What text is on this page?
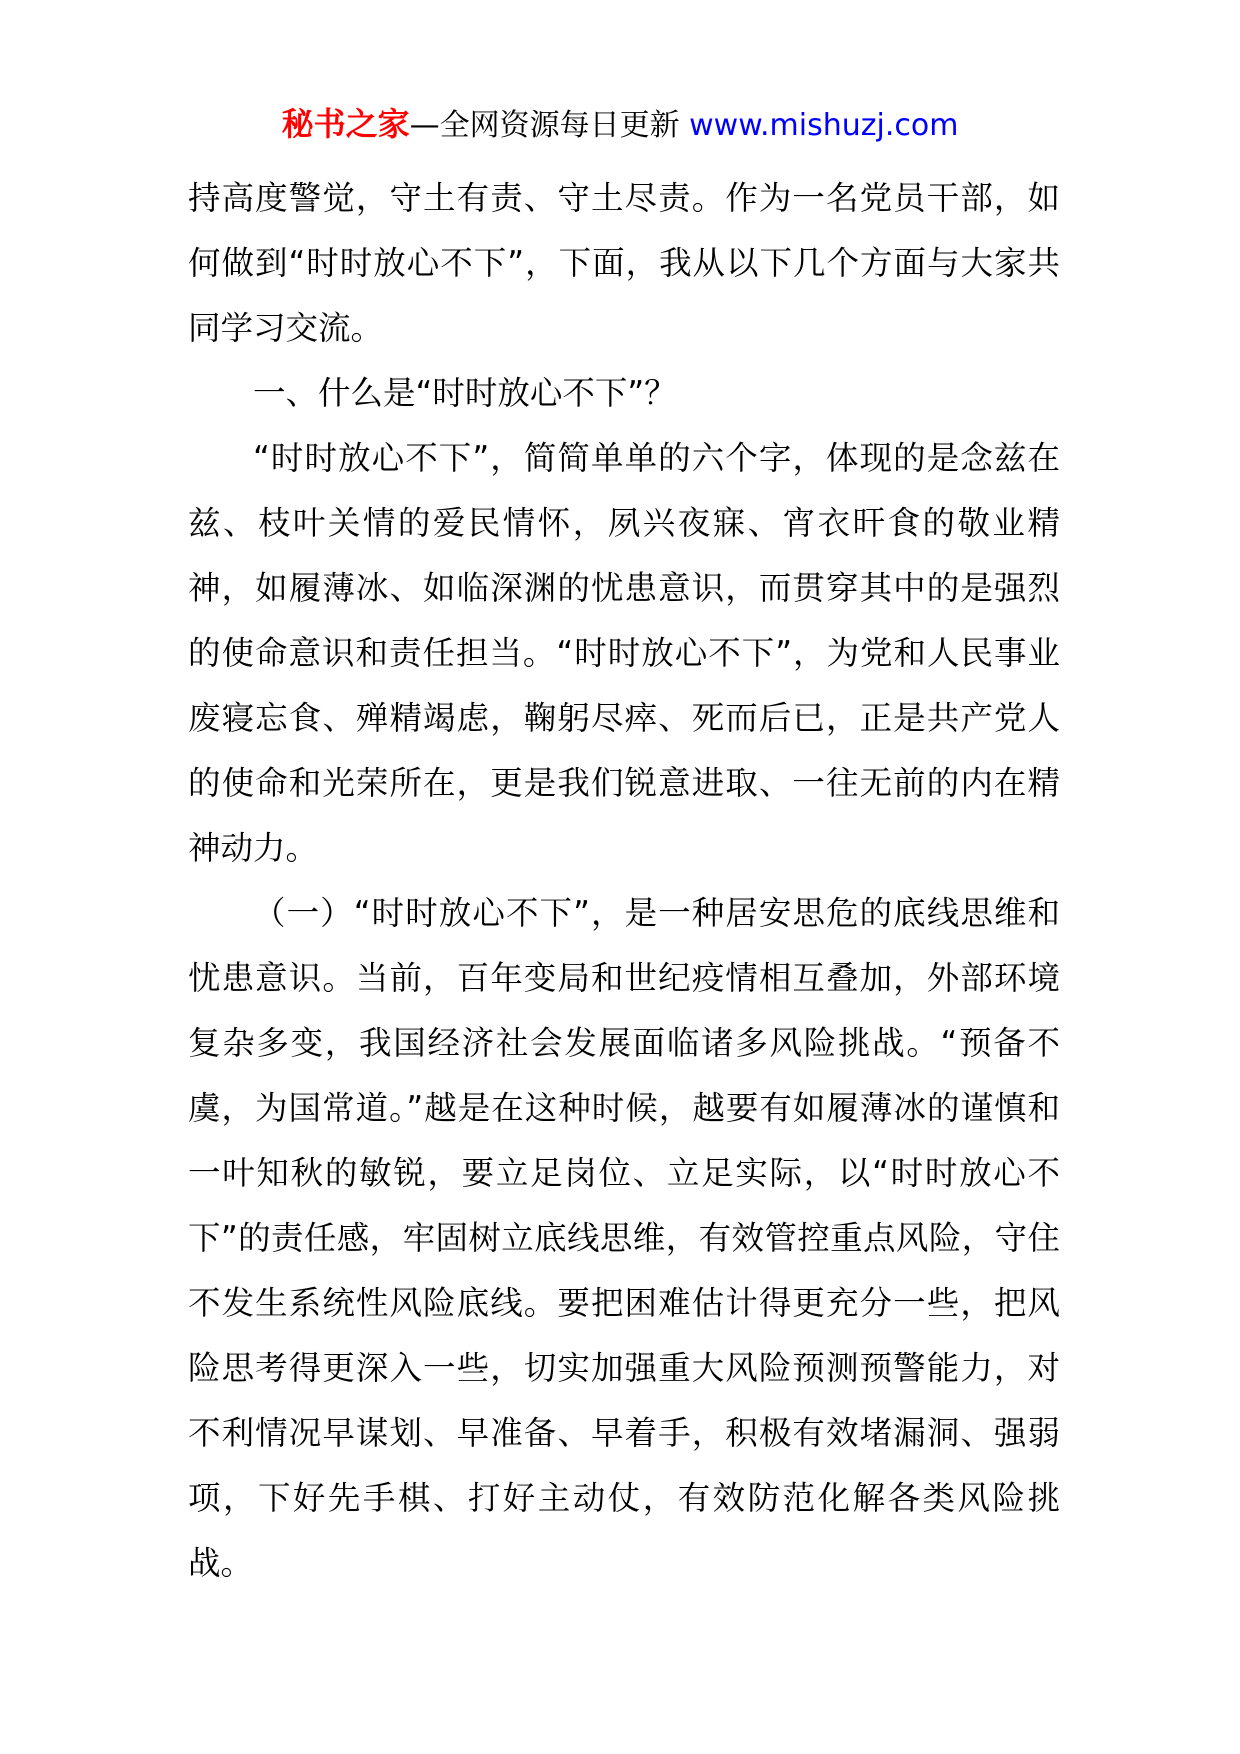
秘书之家—全网资源每日更新 www.mishuzj.com

持高度警觉，守土有责、守土尽责。作为一名党员干部，如何做到“时时放心不下”，下面，我从以下几个方面与大家共同学习交流。

一、什么是“时时放心不下”？

“时时放心不下”，简简单单的六个字，体现的是念兹在兹、枝叶关情的爱民情怀，夙兴夜寐、宵衣旰食的敬业精神，如履薄冰、如临深渊的忧患意识，而贯穿其中的是强烈的使命意识和责任担当。“时时放心不下”，为党和人民事业废寝忘食、殚精竭虑，鞠躬尽瘁、死而后已，正是共产党人的使命和光荣所在，更是我们锐意进取、一往无前的内在精神动力。

（一）“时时放心不下”，是一种居安思危的底线思维和忧患意识。当前，百年变局和世纪疫情相互叠加，外部环境复杂多变，我国经济社会发展面临诸多风险挑战。“预备不虞，为国常道。”越是在这种时候，越要有如履薄冰的谨慎和一叶知秋的敏锐，要立足岗位、立足实际，以“时时放心不下”的责任感，牢固树立底线思维，有效管控重点风险，守住不发生系统性风险底线。要把困难估计得更充分一些，把风险思考得更深入一些，切实加强重大风险预测预警能力，对不利情况早谋划、早准备、早着手，积极有效堵漏洞、强弱项，下好先手棋、打好主动仗，有效防范化解各类风险挑战。
